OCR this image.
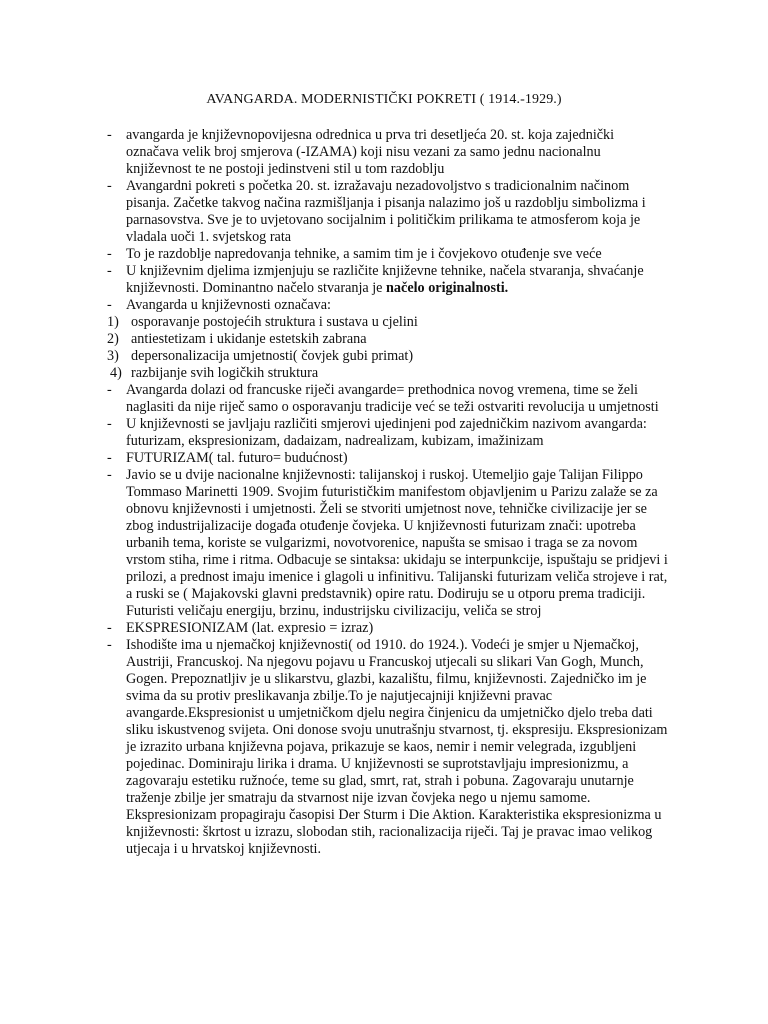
AVANGARDA. MODERNISTIČKI POKRETI ( 1914.-1929.)
-	avangarda je književnopovijesna odrednica u prva tri desetljeća 20. st. koja zajednički označava velik broj smjerova (-IZAMA) koji nisu vezani za samo jednu nacionalnu književnost te ne postoji jedinstveni stil u tom razdoblju
-	Avangardni pokreti s početka 20. st. izražavaju nezadovoljstvo s tradicionalnim načinom pisanja. Začetke takvog načina razmišljanja i pisanja nalazimo još u razdoblju simbolizma i parnasovstva. Sve je to uvjetovano socijalnim i političkim prilikama te atmosferom koja je vladala uoči 1. svjetskog rata
-	To je razdoblje napredovanja tehnike, a samim tim je i čovjekovo otuđenje sve veće
-	U književnim djelima izmjenjuju se različite književne tehnike, načela stvaranja, shvaćanje književnosti. Dominantno načelo stvaranja je načelo originalnosti.
-	Avangarda u književnosti označava:
1) osporavanje postojećih struktura i sustava u cjelini
2) antiestetizam i ukidanje estetskih zabrana
3) depersonalizacija umjetnosti( čovjek gubi primat)
4) razbijanje svih logičkih struktura
-	Avangarda dolazi od francuske riječi avangarde= prethodnica novog vremena, time se želi naglasiti da nije riječ samo o osporavanju tradicije već se teži ostvariti revolucija u umjetnosti
-	U književnosti se javljaju različiti smjerovi ujedinjeni pod zajedničkim nazivom avangarda: futurizam, ekspresionizam, dadaizam, nadrealizam, kubizam, imažinizam
-	FUTURIZAM( tal. futuro= budućnost)
-	Javio se u dvije nacionalne književnosti: talijanskoj i ruskoj. Utemeljio gaje Talijan Filippo Tommaso Marinetti 1909. Svojim futurističkim manifestom objavljenim u Parizu zalaže se za obnovu književnosti i umjetnosti. Želi se stvoriti umjetnost nove, tehničke civilizacije jer se zbog industrijalizacije događa otuđenje čovjeka. U književnosti futurizam znači: upotreba urbanih tema, koriste se vulgarizmi, novotvorenice, napušta se smisao i traga se za novom vrstom stiha, rime i ritma. Odbacuje se sintaksa: ukidaju se interpunkcije, ispuštaju se pridjevi i prilozi, a prednost imaju imenice i glagoli u infinitivu. Talijanski futurizam veliča strojeve i rat, a ruski se ( Majakovski glavni predstavnik) opire ratu. Dodiruju se u otporu prema tradiciji.
Futuristi veličaju energiju, brzinu, industrijsku civilizaciju, veliča se stroj
-	EKSPRESIONIZAM (lat. expresio = izraz)
-	Ishodište ima u njemačkoj književnosti( od 1910. do 1924.). Vodeći je smjer u Njemačkoj, Austriji, Francuskoj. Na njegovu pojavu u Francuskoj utjecali su slikari Van Gogh, Munch, Gogen. Prepoznatljiv je u slikarstvu, glazbi, kazalištu, filmu, književnosti. Zajedničko im je svima da su protiv preslikavanja zbilje.To je najutjecajniji književni pravac avangarde.Ekspresionist u umjetničkom djelu negira činjenicu da umjetničko djelo treba dati sliku iskustvenog svijeta. Oni donose svoju unutrašnju stvarnost, tj. ekspresiju. Ekspresionizam je izrazito urbana književna pojava, prikazuje se kaos, nemir i nemir velegrada, izgubljeni pojedinac. Dominiraju lirika i drama. U književnosti se suprotstavljaju impresionizmu, a zagovaraju estetiku ružnoće, teme su glad, smrt, rat, strah i pobuna. Zagovaraju unutarnje traženje zbilje jer smatraju da stvarnost nije izvan čovjeka nego u njemu samome. Ekspresionizam propagiraju časopisi Der Sturm i Die Aktion. Karakteristika ekspresionizma u književnosti: škrtost u izrazu, slobodan stih, racionalizacija riječi. Taj je pravac imao velikog utjecaja i u hrvatskoj književnosti.
